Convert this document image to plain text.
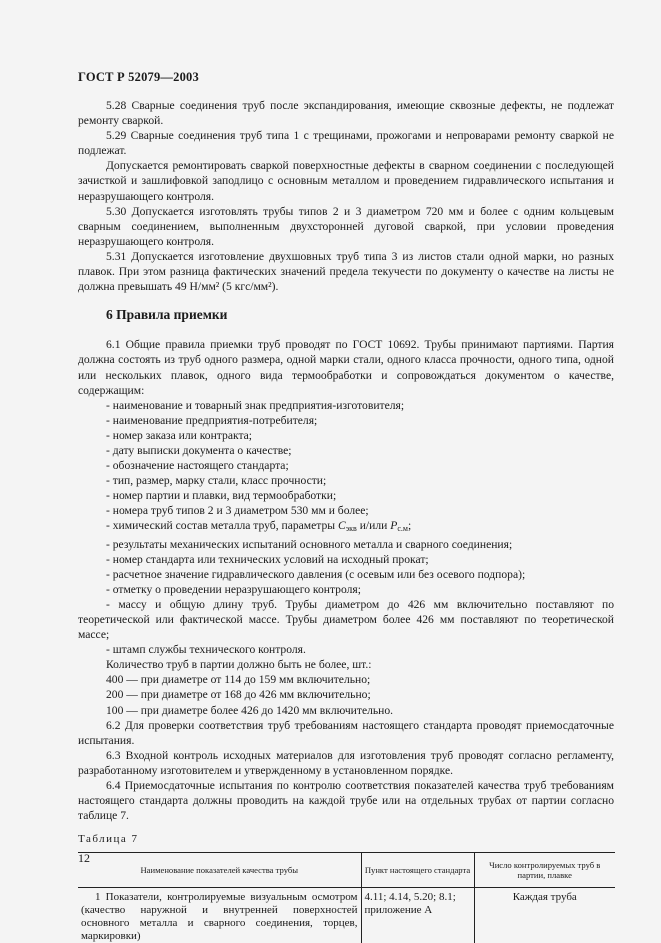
ГОСТ Р 52079—2003

5.28 Сварные соединения труб после экспандирования, имеющие сквозные дефекты, не подлежат ремонту сваркой.

5.29 Сварные соединения труб типа 1 с трещинами, прожогами и непроварами ремонту сваркой не подлежат.

Допускается ремонтировать сваркой поверхностные дефекты в сварном соединении с последующей зачисткой и зашлифовкой заподлицо с основным металлом и проведением гидравлического испытания и неразрушающего контроля.

5.30 Допускается изготовлять трубы типов 2 и 3 диаметром 720 мм и более с одним кольцевым сварным соединением, выполненным двухсторонней дуговой сваркой, при условии проведения неразрушающего контроля.

5.31 Допускается изготовление двухшовных труб типа 3 из листов стали одной марки, но разных плавок. При этом разница фактических значений предела текучести по документу о качестве на листы не должна превышать 49 Н/мм² (5 кгс/мм²).

6 Правила приемки

6.1 Общие правила приемки труб проводят по ГОСТ 10692. Трубы принимают партиями. Партия должна состоять из труб одного размера, одной марки стали, одного класса прочности, одного типа, одной или нескольких плавок, одного вида термообработки и сопровождаться документом о качестве, содержащим:

- наименование и товарный знак предприятия-изготовителя;

- наименование предприятия-потребителя;

- номер заказа или контракта;

- дату выписки документа о качестве;

- обозначение настоящего стандарта;

- тип, размер, марку стали, класс прочности;

- номер партии и плавки, вид термообработки;

- номера труб типов 2 и 3 диаметром 530 мм и более;

- химический состав металла труб, параметры $C_{экв}$ и/или $P_{с.м}$;

- результаты механических испытаний основного металла и сварного соединения;

- номер стандарта или технических условий на исходный прокат;

- расчетное значение гидравлического давления (с осевым или без осевого подпора);

- отметку о проведении неразрушающего контроля;

- массу и общую длину труб. Трубы диаметром до 426 мм включительно поставляют по теоретической или фактической массе. Трубы диаметром более 426 мм поставляют по теоретической массе;

- штамп службы технического контроля.

Количество труб в партии должно быть не более, шт.:

400 — при диаметре от 114 до 159 мм включительно;

200 — при диаметре от 168 до 426 мм включительно;

100 — при диаметре более 426 до 1420 мм включительно.

6.2 Для проверки соответствия труб требованиям настоящего стандарта проводят приемосдаточные испытания.

6.3 Входной контроль исходных материалов для изготовления труб проводят согласно регламенту, разработанному изготовителем и утвержденному в установленном порядке.

6.4 Приемосдаточные испытания по контролю соответствия показателей качества труб требованиям настоящего стандарта должны проводить на каждой трубе или на отдельных трубах от партии согласно таблице 7.

Таблица 7
Наименование показателей качества трубы	Пункт настоящего стандарта	Число контролируемых труб в партии, плавке
1 Показатели, контролируемые визуальным осмотром (качество наружной и внутренней поверхностей основного металла и сварного соединения, торцев, маркировки)	4.11; 4.14, 5.20; 8.1; приложение А	Каждая труба
12
